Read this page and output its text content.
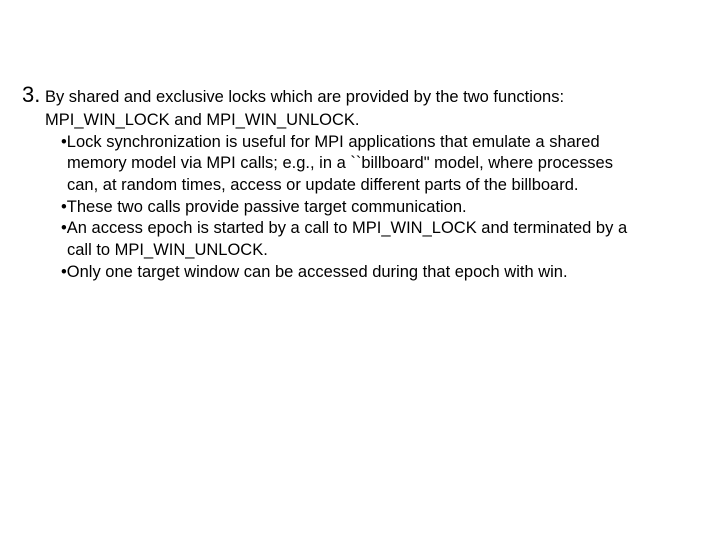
3. By shared and exclusive locks which are provided by the two functions:
MPI_WIN_LOCK and MPI_WIN_UNLOCK.
•Lock synchronization is useful for MPI applications that emulate a shared
memory model via MPI calls; e.g., in a ``billboard" model, where processes
can, at random times, access or update different parts of the billboard.
•These two calls provide passive target communication.
•An access epoch is started by a call to MPI_WIN_LOCK and terminated by a
call to MPI_WIN_UNLOCK.
•Only one target window can be accessed during that epoch with win.
